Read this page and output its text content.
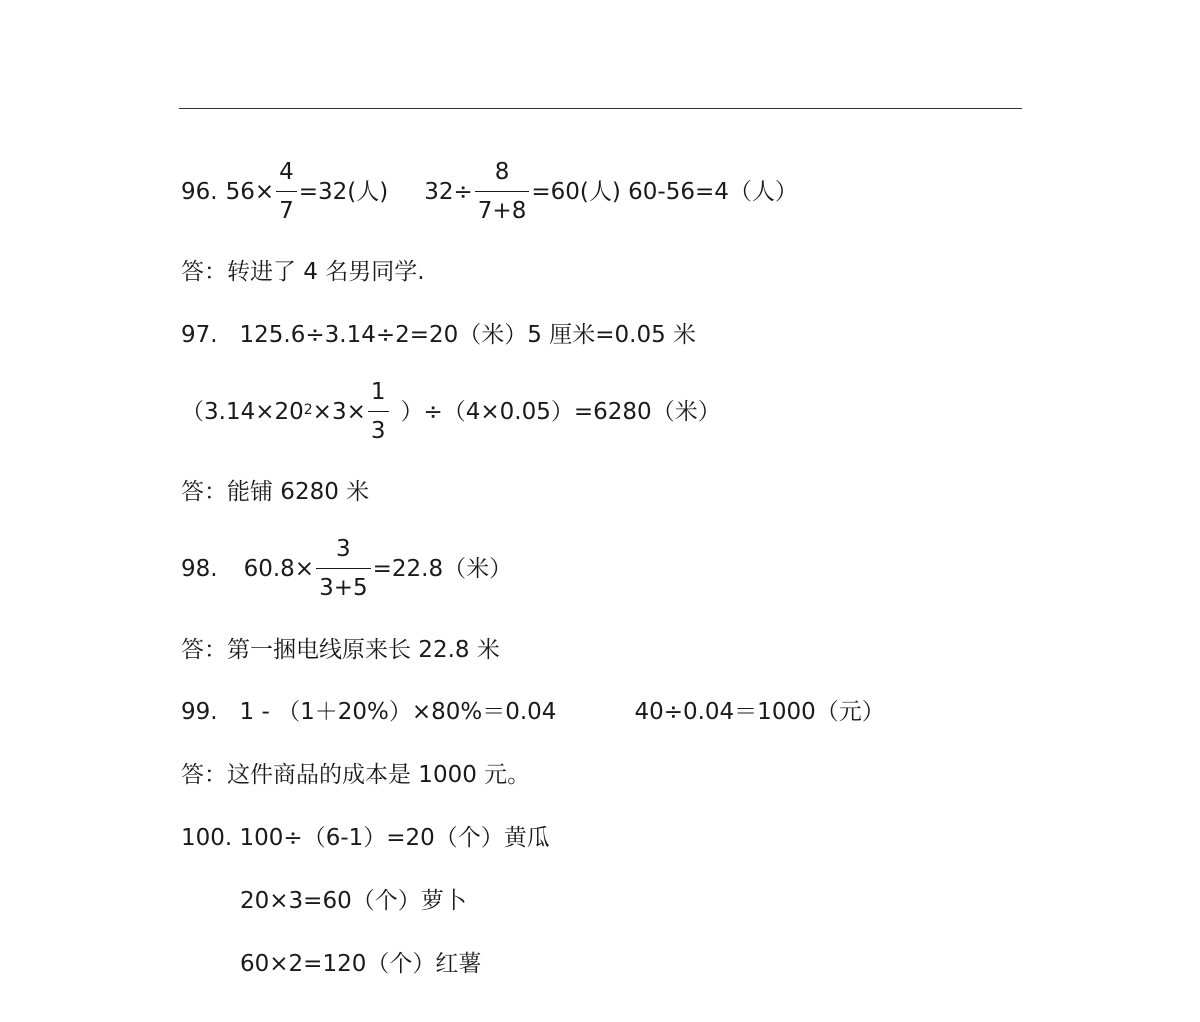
96. $56\times \frac{4}{7} =32$(人) $32\div \frac{8}{7+8} =60$(人) 60-56=4（人）
答：转进了 4 名男同学.
97.   125.6÷3.14÷2=20（米）5 厘米=0.05 米
$(3.14\times 20^2 \times 3\times \frac{1}{3} )\div(4\times 0.05)=6280$（米）
答：能铺 6280 米
98. $60.8\times \frac{3}{3+5} =22.8$（米）
答：第一捆电线原来长 22.8 米
99.   1 - （1＋20%）×80%＝0.04	40÷0.04＝1000（元）
答：这件商品的成本是 1000 元。
100. 100÷（6-1）=20（个）黄瓜
20×3=60（个）萝卜
60×2=120（个）红薯
